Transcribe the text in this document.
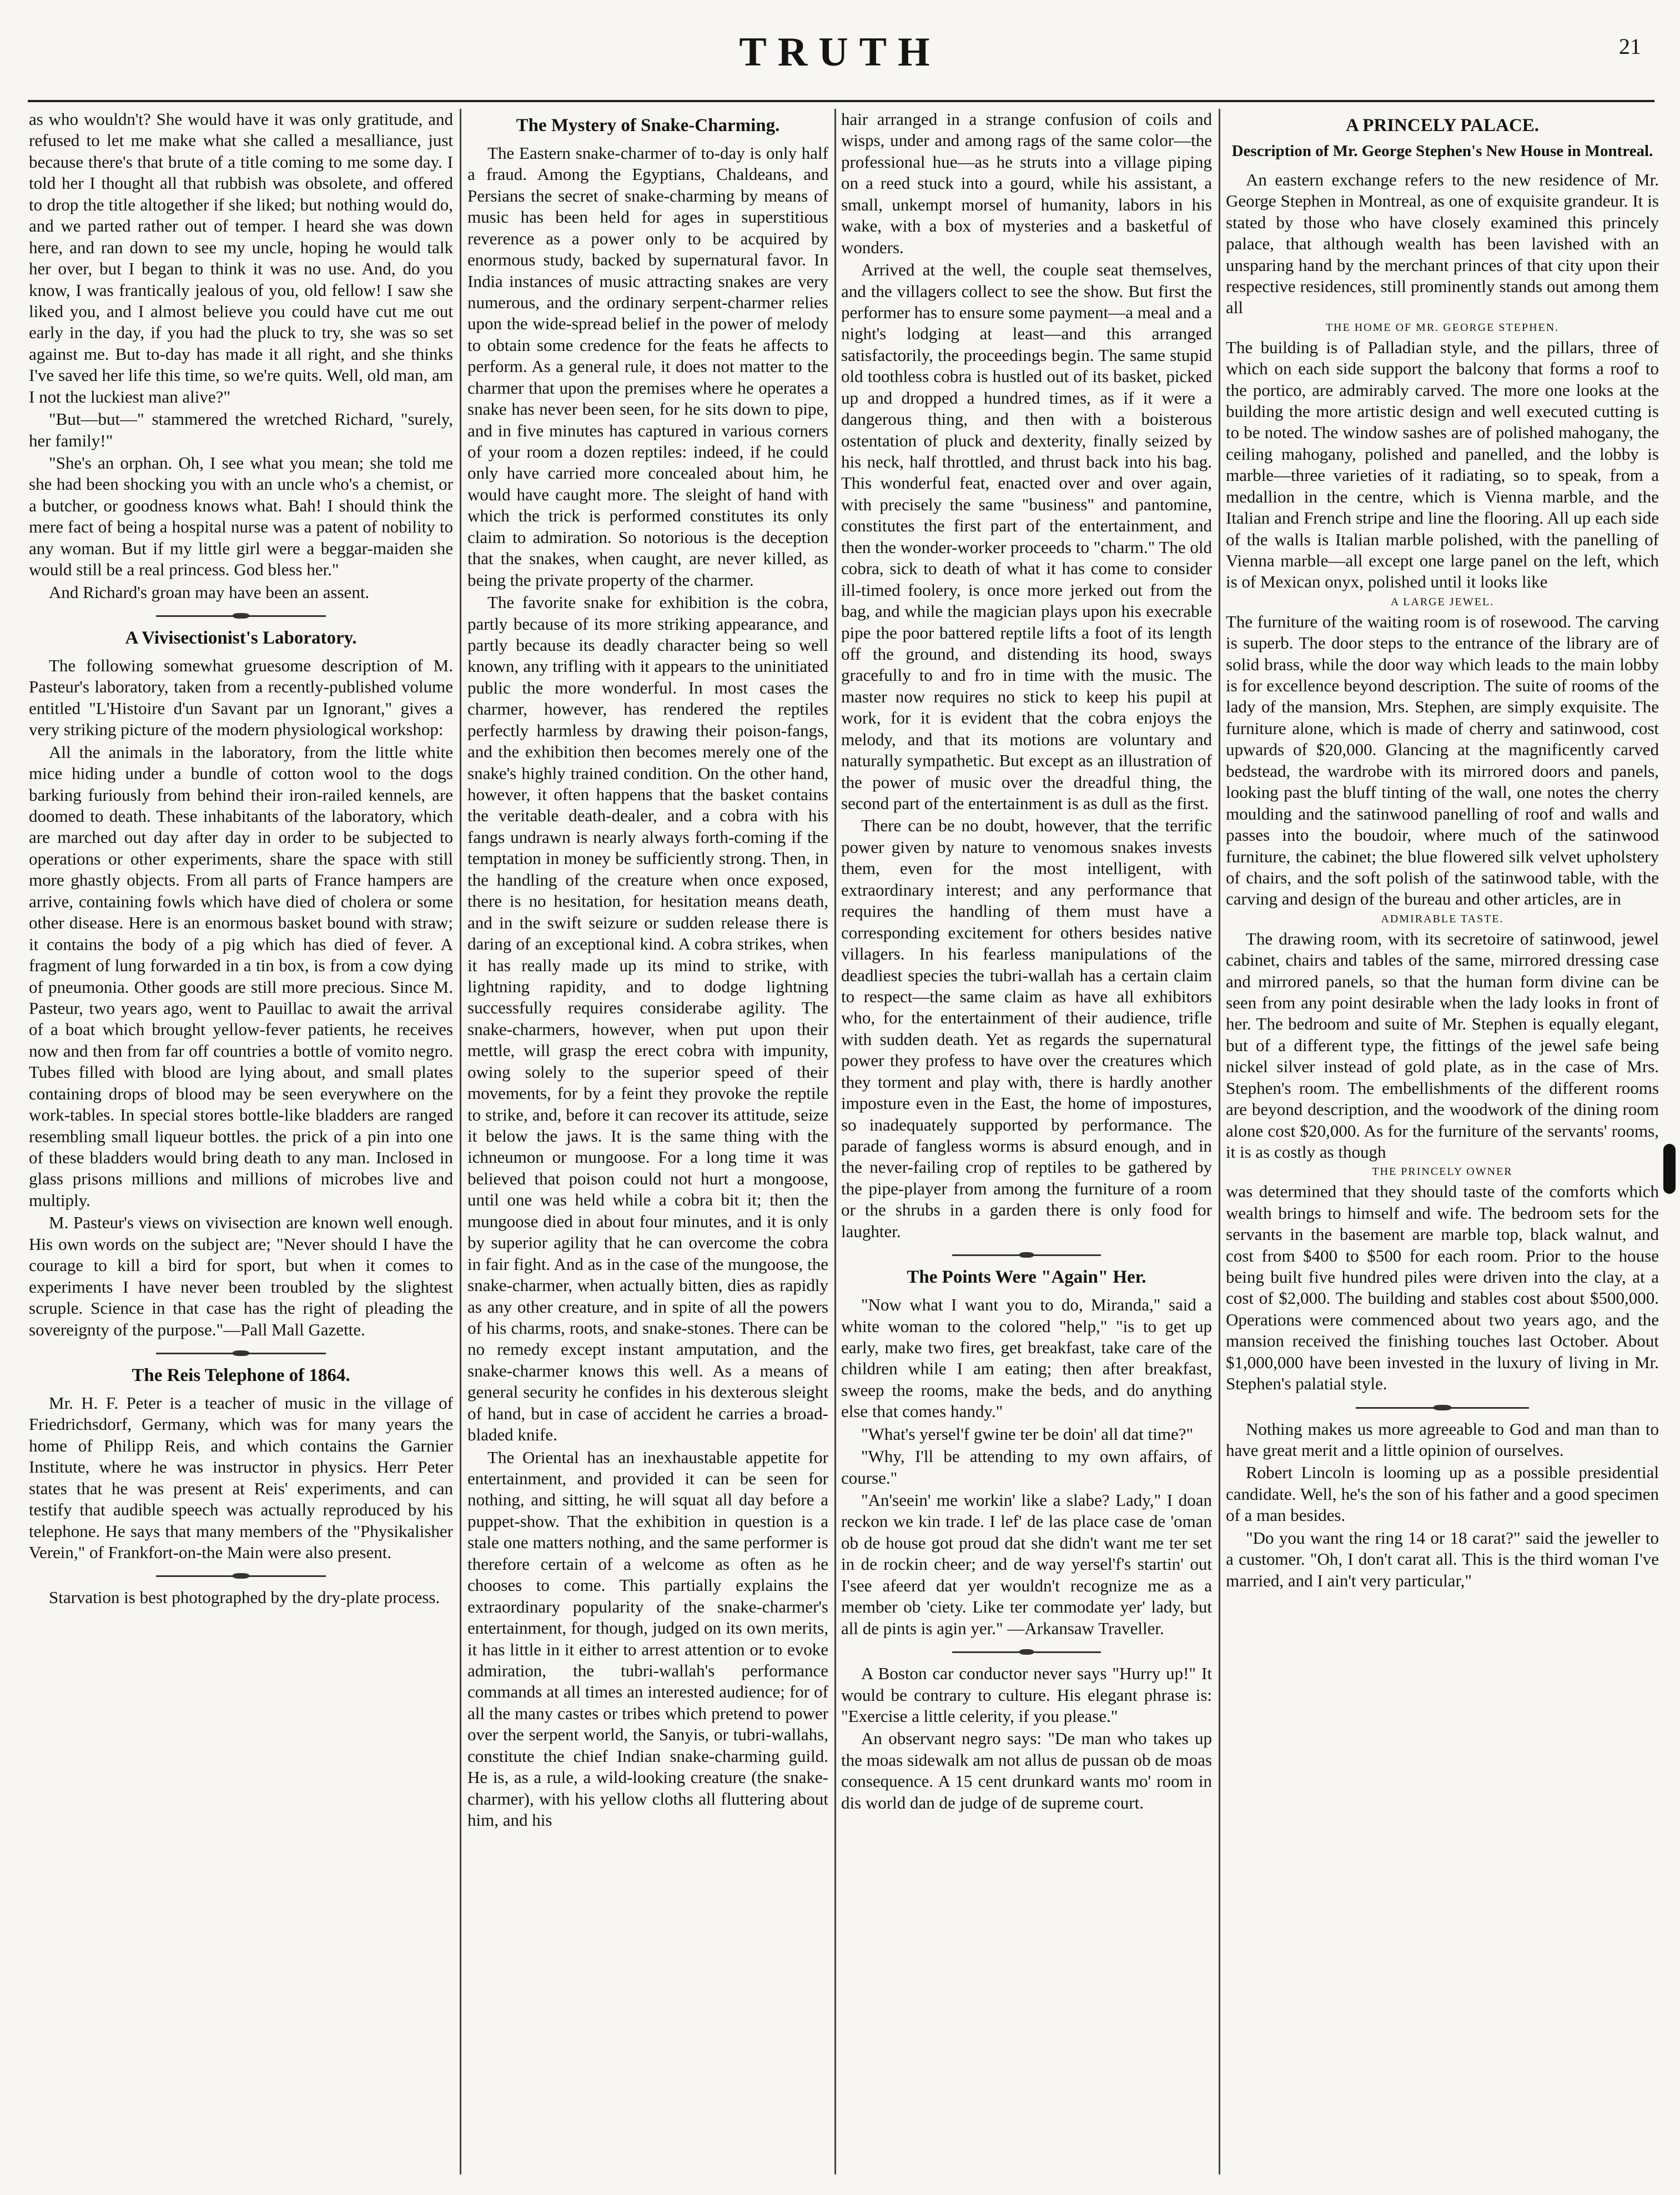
TRUTH	21

as who wouldn't? She would have it was only gratitude, and refused to let me make what she called a mesalliance, just because there's that brute of a title coming to me some day. I told her I thought all that rubbish was obsolete, and offered to drop the title altogether if she liked; but nothing would do, and we parted rather out of temper. I heard she was down here, and ran down to see my uncle, hoping he would talk her over, but I began to think it was no use. And, do you know, I was frantically jealous of you, old fellow! I saw she liked you, and I almost believe you could have cut me out early in the day, if you had the pluck to try, she was so set against me. But to-day has made it all right, and she thinks I've saved her life this time, so we're quits. Well, old man, am I not the luckiest man alive?"

"But—but—" stammered the wretched Richard, "surely, her family!"

"She's an orphan. Oh, I see what you mean; she told me she had been shocking you with an uncle who's a chemist, or a butcher, or goodness knows what. Bah! I should think the mere fact of being a hospital nurse was a patent of nobility to any woman. But if my little girl were a beggar-maiden she would still be a real princess. God bless her."

And Richard's groan may have been an assent.

A Vivisectionist's Laboratory.

The following somewhat gruesome description of M. Pasteur's laboratory, taken from a recently-published volume entitled "L'Histoire d'un Savant par un Ignorant," gives a very striking picture of the modern physiological workshop:

All the animals in the laboratory, from the little white mice hiding under a bundle of cotton wool to the dogs barking furiously from behind their iron-railed kennels, are doomed to death. These inhabitants of the laboratory, which are marched out day after day in order to be subjected to operations or other experiments, share the space with still more ghastly objects. From all parts of France hampers are arrive, containing fowls which have died of cholera or some other disease. Here is an enormous basket bound with straw; it contains the body of a pig which has died of fever. A fragment of lung forwarded in a tin box, is from a cow dying of pneumonia. Other goods are still more precious. Since M. Pasteur, two years ago, went to Pauillac to await the arrival of a boat which brought yellow-fever patients, he receives now and then from far off countries a bottle of vomito negro. Tubes filled with blood are lying about, and small plates containing drops of blood may be seen everywhere on the work-tables. In special stores bottle-like bladders are ranged resembling small liqueur bottles. the prick of a pin into one of these bladders would bring death to any man. Inclosed in glass prisons millions and millions of microbes live and multiply.

M. Pasteur's views on vivisection are known well enough. His own words on the subject are; "Never should I have the courage to kill a bird for sport, but when it comes to experiments I have never been troubled by the slightest scruple. Science in that case has the right of pleading the sovereignty of the purpose."—Pall Mall Gazette.

The Reis Telephone of 1864.

Mr. H. F. Peter is a teacher of music in the village of Friedrichsdorf, Germany, which was for many years the home of Philipp Reis, and which contains the Garnier Institute, where he was instructor in physics. Herr Peter states that he was present at Reis' experiments, and can testify that audible speech was actually reproduced by his telephone. He says that many members of the "Physikalisher Verein," of Frankfort-on-the Main were also present.

Starvation is best photographed by the dry-plate process.

The Mystery of Snake-Charming.

The Eastern snake-charmer of to-day is only half a fraud. Among the Egyptians, Chaldeans, and Persians the secret of snake-charming by means of music has been held for ages in superstitious reverence as a power only to be acquired by enormous study, backed by supernatural favor. In India instances of music attracting snakes are very numerous, and the ordinary serpent-charmer relies upon the wide-spread belief in the power of melody to obtain some credence for the feats he affects to perform. As a general rule, it does not matter to the charmer that upon the premises where he operates a snake has never been seen, for he sits down to pipe, and in five minutes has captured in various corners of your room a dozen reptiles: indeed, if he could only have carried more concealed about him, he would have caught more. The sleight of hand with which the trick is performed constitutes its only claim to admiration. So notorious is the deception that the snakes, when caught, are never killed, as being the private property of the charmer.

The favorite snake for exhibition is the cobra, partly because of its more striking appearance, and partly because its deadly character being so well known, any trifling with it appears to the uninitiated public the more wonderful. In most cases the charmer, however, has rendered the reptiles perfectly harmless by drawing their poison-fangs, and the exhibition then becomes merely one of the snake's highly trained condition. On the other hand, however, it often happens that the basket contains the veritable death-dealer, and a cobra with his fangs undrawn is nearly always forth-coming if the temptation in money be sufficiently strong. Then, in the handling of the creature when once exposed, there is no hesitation, for hesitation means death, and in the swift seizure or sudden release there is daring of an exceptional kind. A cobra strikes, when it has really made up its mind to strike, with lightning rapidity, and to dodge lightning successfully requires considerabe agility. The snake-charmers, however, when put upon their mettle, will grasp the erect cobra with impunity, owing solely to the superior speed of their movements, for by a feint they provoke the reptile to strike, and, before it can recover its attitude, seize it below the jaws. It is the same thing with the ichneumon or mungoose. For a long time it was believed that poison could not hurt a mongoose, until one was held while a cobra bit it; then the mungoose died in about four minutes, and it is only by superior agility that he can overcome the cobra in fair fight. And as in the case of the mungoose, the snake-charmer, when actually bitten, dies as rapidly as any other creature, and in spite of all the powers of his charms, roots, and snake-stones. There can be no remedy except instant amputation, and the snake-charmer knows this well. As a means of general security he confides in his dexterous sleight of hand, but in case of accident he carries a broad-bladed knife.

The Oriental has an inexhaustable appetite for entertainment, and provided it can be seen for nothing, and sitting, he will squat all day before a puppet-show. That the exhibition in question is a stale one matters nothing, and the same performer is therefore certain of a welcome as often as he chooses to come. This partially explains the extraordinary popularity of the snake-charmer's entertainment, for though, judged on its own merits, it has little in it either to arrest attention or to evoke admiration, the tubri-wallah's performance commands at all times an interested audience; for of all the many castes or tribes which pretend to power over the serpent world, the Sanyis, or tubri-wallahs, constitute the chief Indian snake-charming guild. He is, as a rule, a wild-looking creature (the snake-charmer), with his yellow cloths all fluttering about him, and his

hair arranged in a strange confusion of coils and wisps, under and among rags of the same color—the professional hue—as he struts into a village piping on a reed stuck into a gourd, while his assistant, a small, unkempt morsel of humanity, labors in his wake, with a box of mysteries and a basketful of wonders.

Arrived at the well, the couple seat themselves, and the villagers collect to see the show. But first the performer has to ensure some payment—a meal and a night's lodging at least—and this arranged satisfactorily, the proceedings begin. The same stupid old toothless cobra is hustled out of its basket, picked up and dropped a hundred times, as if it were a dangerous thing, and then with a boisterous ostentation of pluck and dexterity, finally seized by his neck, half throttled, and thrust back into his bag. This wonderful feat, enacted over and over again, with precisely the same "business" and pantomine, constitutes the first part of the entertainment, and then the wonder-worker proceeds to "charm." The old cobra, sick to death of what it has come to consider ill-timed foolery, is once more jerked out from the bag, and while the magician plays upon his execrable pipe the poor battered reptile lifts a foot of its length off the ground, and distending its hood, sways gracefully to and fro in time with the music. The master now requires no stick to keep his pupil at work, for it is evident that the cobra enjoys the melody, and that its motions are voluntary and naturally sympathetic. But except as an illustration of the power of music over the dreadful thing, the second part of the entertainment is as dull as the first.

There can be no doubt, however, that the terrific power given by nature to venomous snakes invests them, even for the most intelligent, with extraordinary interest; and any performance that requires the handling of them must have a corresponding excitement for others besides native villagers. In his fearless manipulations of the deadliest species the tubri-wallah has a certain claim to respect—the same claim as have all exhibitors who, for the entertainment of their audience, trifle with sudden death. Yet as regards the supernatural power they profess to have over the creatures which they torment and play with, there is hardly another imposture even in the East, the home of impostures, so inadequately supported by performance. The parade of fangless worms is absurd enough, and in the never-failing crop of reptiles to be gathered by the pipe-player from among the furniture of a room or the shrubs in a garden there is only food for laughter.

The Points Were "Again" Her.

"Now what I want you to do, Miranda," said a white woman to the colored "help," "is to get up early, make two fires, get breakfast, take care of the children while I am eating; then after breakfast, sweep the rooms, make the beds, and do anything else that comes handy."

"What's yersel'f gwine ter be doin' all dat time?"

"Why, I'll be attending to my own affairs, of course."

"An'seein' me workin' like a slabe? Lady," I doan reckon we kin trade. I lef' de las place case de 'oman ob de house got proud dat she didn't want me ter set in de rockin cheer; and de way yersel'f's startin' out I'see afeerd dat yer wouldn't recognize me as a member ob 'ciety. Like ter commodate yer' lady, but all de pints is agin yer." —Arkansaw Traveller.

A Boston car conductor never says "Hurry up!" It would be contrary to culture. His elegant phrase is: "Exercise a little celerity, if you please."

An observant negro says: "De man who takes up the moas sidewalk am not allus de pussan ob de moas consequence. A 15 cent drunkard wants mo' room in dis world dan de judge of de supreme court.

A PRINCELY PALACE.
Description of Mr. George Stephen's New House in Montreal.

An eastern exchange refers to the new residence of Mr. George Stephen in Montreal, as one of exquisite grandeur. It is stated by those who have closely examined this princely palace, that although wealth has been lavished with an unsparing hand by the merchant princes of that city upon their respective residences, still prominently stands out among them all

THE HOME OF MR. GEORGE STEPHEN.

The building is of Palladian style, and the pillars, three of which on each side support the balcony that forms a roof to the portico, are admirably carved. The more one looks at the building the more artistic design and well executed cutting is to be noted. The window sashes are of polished mahogany, the ceiling mahogany, polished and panelled, and the lobby is marble—three varieties of it radiating, so to speak, from a medallion in the centre, which is Vienna marble, and the Italian and French stripe and line the flooring. All up each side of the walls is Italian marble polished, with the panelling of Vienna marble—all except one large panel on the left, which is of Mexican onyx, polished until it looks like

A LARGE JEWEL.

The furniture of the waiting room is of rosewood. The carving is superb. The door steps to the entrance of the library are of solid brass, while the door way which leads to the main lobby is for excellence beyond description. The suite of rooms of the lady of the mansion, Mrs. Stephen, are simply exquisite. The furniture alone, which is made of cherry and satinwood, cost upwards of $20,000. Glancing at the magnificently carved bedstead, the wardrobe with its mirrored doors and panels, looking past the bluff tinting of the wall, one notes the cherry moulding and the satinwood panelling of roof and walls and passes into the boudoir, where much of the satinwood furniture, the cabinet; the blue flowered silk velvet upholstery of chairs, and the soft polish of the satinwood table, with the carving and design of the bureau and other articles, are in

ADMIRABLE TASTE.

The drawing room, with its secretoire of satinwood, jewel cabinet, chairs and tables of the same, mirrored dressing case and mirrored panels, so that the human form divine can be seen from any point desirable when the lady looks in front of her. The bedroom and suite of Mr. Stephen is equally elegant, but of a different type, the fittings of the jewel safe being nickel silver instead of gold plate, as in the case of Mrs. Stephen's room. The embellishments of the different rooms are beyond description, and the woodwork of the dining room alone cost $20,000. As for the furniture of the servants' rooms, it is as costly as though

THE PRINCELY OWNER

was determined that they should taste of the comforts which wealth brings to himself and wife. The bedroom sets for the servants in the basement are marble top, black walnut, and cost from $400 to $500 for each room. Prior to the house being built five hundred piles were driven into the clay, at a cost of $2,000. The building and stables cost about $500,000. Operations were commenced about two years ago, and the mansion received the finishing touches last October. About $1,000,000 have been invested in the luxury of living in Mr. Stephen's palatial style.

Nothing makes us more agreeable to God and man than to have great merit and a little opinion of ourselves.

Robert Lincoln is looming up as a possible presidential candidate. Well, he's the son of his father and a good specimen of a man besides.

"Do you want the ring 14 or 18 carat?" said the jeweller to a customer. "Oh, I don't carat all. This is the third woman I've married, and I ain't very particular,"
